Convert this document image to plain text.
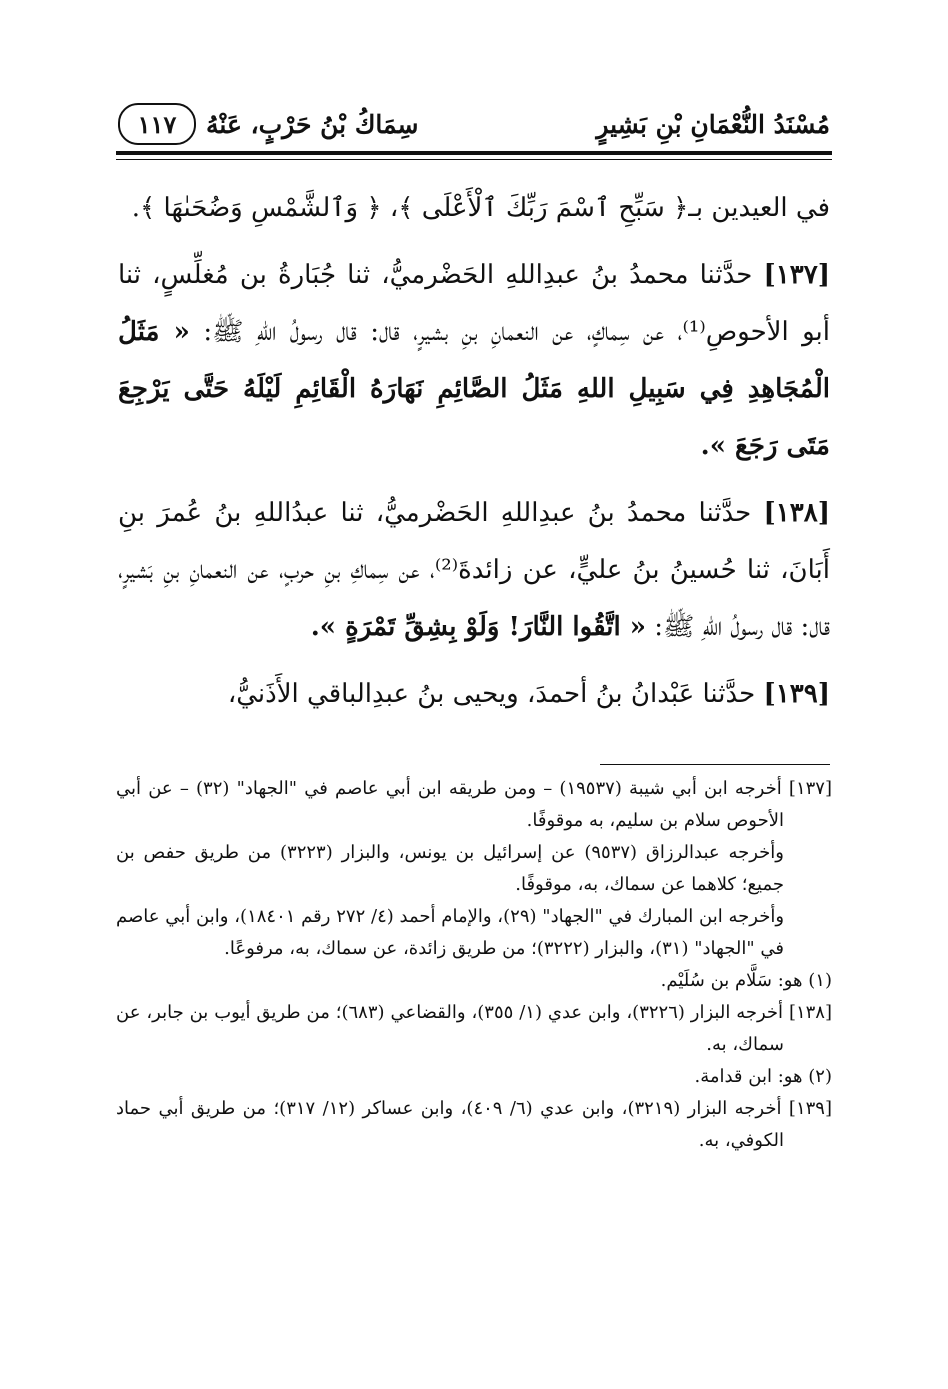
مُسْنَدُ النُّعْمَانِ بْنِ بَشِيرٍ
سِمَاكُ بْنُ حَرْبٍ، عَنْهُ
١١٧

في العيدين بـ﴿ سَبِّحِ ٱسْمَ رَبِّكَ ٱلْأَعْلَى ﴾، ﴿ وَٱلشَّمْسِ وَضُحَىٰهَا ﴾.

[١٣٧] حدَّثنا محمدُ بنُ عبدِاللهِ الحَضْرميُّ، ثنا جُبَارةُ بن مُغلِّسٍ، ثنا أبو الأحوصِ⁽¹⁾، عن سِماكٍ، عن النعمانِ بنِ بشيرٍ، قال: قال رسولُ اللهِ ﷺ: « مَثَلُ الْمُجَاهِدِ فِي سَبِيلِ اللهِ مَثَلُ الصَّائِمِ نَهَارَهُ الْقَائِمِ لَيْلَهُ حَتَّى يَرْجِعَ مَتَى رَجَعَ ».

[١٣٨] حدَّثنا محمدُ بنُ عبدِاللهِ الحَضْرميُّ، ثنا عبدُاللهِ بنُ عُمرَ بنِ أَبَانَ، ثنا حُسينُ بنُ عليٍّ، عن زائدةَ⁽²⁾، عن سِماكِ بنِ حربٍ، عن النعمانِ بنِ بَشيرٍ، قال: قال رسولُ اللهِ ﷺ: « اتَّقُوا النَّارَ! وَلَوْ بِشِقِّ تَمْرَةٍ ».

[١٣٩] حدَّثنا عَبْدانُ بنُ أحمدَ، ويحيى بنُ عبدِالباقي الأَذَنيُّ،

[١٣٧] أخرجه ابن أبي شيبة (١٩٥٣٧) – ومن طريقه ابن أبي عاصم في "الجهاد" (٣٢) – عن أبي الأحوص سلام بن سليم، به موقوفًا.

وأخرجه عبدالرزاق (٩٥٣٧) عن إسرائيل بن يونس، والبزار (٣٢٢٣) من طريق حفص بن جميع؛ كلاهما عن سماك، به، موقوفًا.

وأخرجه ابن المبارك في "الجهاد" (٢٩)، والإمام أحمد (٤/ ٢٧٢ رقم ١٨٤٠١)، وابن أبي عاصم في "الجهاد" (٣١)، والبزار (٣٢٢٢)؛ من طريق زائدة، عن سماك، به، مرفوعًا.

(١) هو: سَلَّام بن سُلَيْم.

[١٣٨] أخرجه البزار (٣٢٢٦)، وابن عدي (١/ ٣٥٥)، والقضاعي (٦٨٣)؛ من طريق أيوب بن جابر، عن سماك، به.

(٢) هو: ابن قدامة.

[١٣٩] أخرجه البزار (٣٢١٩)، وابن عدي (٦/ ٤٠٩)، وابن عساكر (١٢/ ٣١٧)؛ من طريق أبي حماد الكوفي، به.
